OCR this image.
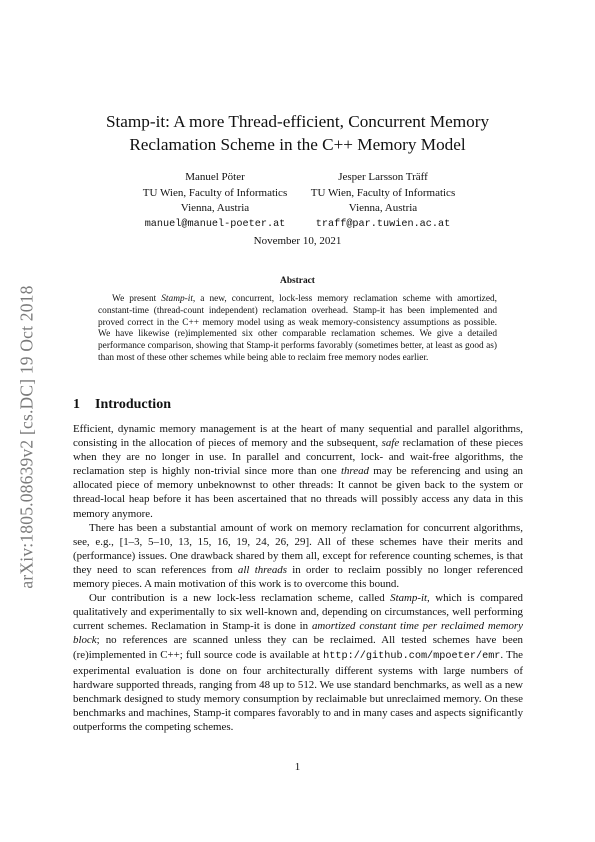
arXiv:1805.08639v2 [cs.DC] 19 Oct 2018
Stamp-it: A more Thread-efficient, Concurrent Memory
Reclamation Scheme in the C++ Memory Model
Manuel Pöter
TU Wien, Faculty of Informatics
Vienna, Austria
manuel@manuel-poeter.at
Jesper Larsson Träff
TU Wien, Faculty of Informatics
Vienna, Austria
traff@par.tuwien.ac.at
November 10, 2021
Abstract

We present Stamp-it, a new, concurrent, lock-less memory reclamation scheme with amortized, constant-time (thread-count independent) reclamation overhead. Stamp-it has been implemented and proved correct in the C++ memory model using as weak memory-consistency assumptions as possible. We have likewise (re)implemented six other comparable reclamation schemes. We give a detailed performance comparison, showing that Stamp-it performs favorably (sometimes better, at least as good as) than most of these other schemes while being able to reclaim free memory nodes earlier.

1 Introduction

Efficient, dynamic memory management is at the heart of many sequential and parallel algorithms, consisting in the allocation of pieces of memory and the subsequent, safe reclamation of these pieces when they are no longer in use. In parallel and concurrent, lock- and wait-free algorithms, the reclamation step is highly non-trivial since more than one thread may be referencing and using an allocated piece of memory unbeknownst to other threads: It cannot be given back to the system or thread-local heap before it has been ascertained that no threads will possibly access any data in this memory anymore.

There has been a substantial amount of work on memory reclamation for concurrent algorithms, see, e.g., [1–3, 5–10, 13, 15, 16, 19, 24, 26, 29]. All of these schemes have their merits and (performance) issues. One drawback shared by them all, except for reference counting schemes, is that they need to scan references from all threads in order to reclaim possibly no longer referenced memory pieces. A main motivation of this work is to overcome this bound.

Our contribution is a new lock-less reclamation scheme, called Stamp-it, which is compared qualitatively and experimentally to six well-known and, depending on circumstances, well performing current schemes. Reclamation in Stamp-it is done in amortized constant time per reclaimed memory block; no references are scanned unless they can be reclaimed. All tested schemes have been (re)implemented in C++; full source code is available at http://github.com/mpoeter/emr. The experimental evaluation is done on four architecturally different systems with large numbers of hardware supported threads, ranging from 48 up to 512. We use standard benchmarks, as well as a new benchmark designed to study memory consumption by reclaimable but unreclaimed memory. On these benchmarks and machines, Stamp-it compares favorably to and in many cases and aspects significantly outperforms the competing schemes.

1
